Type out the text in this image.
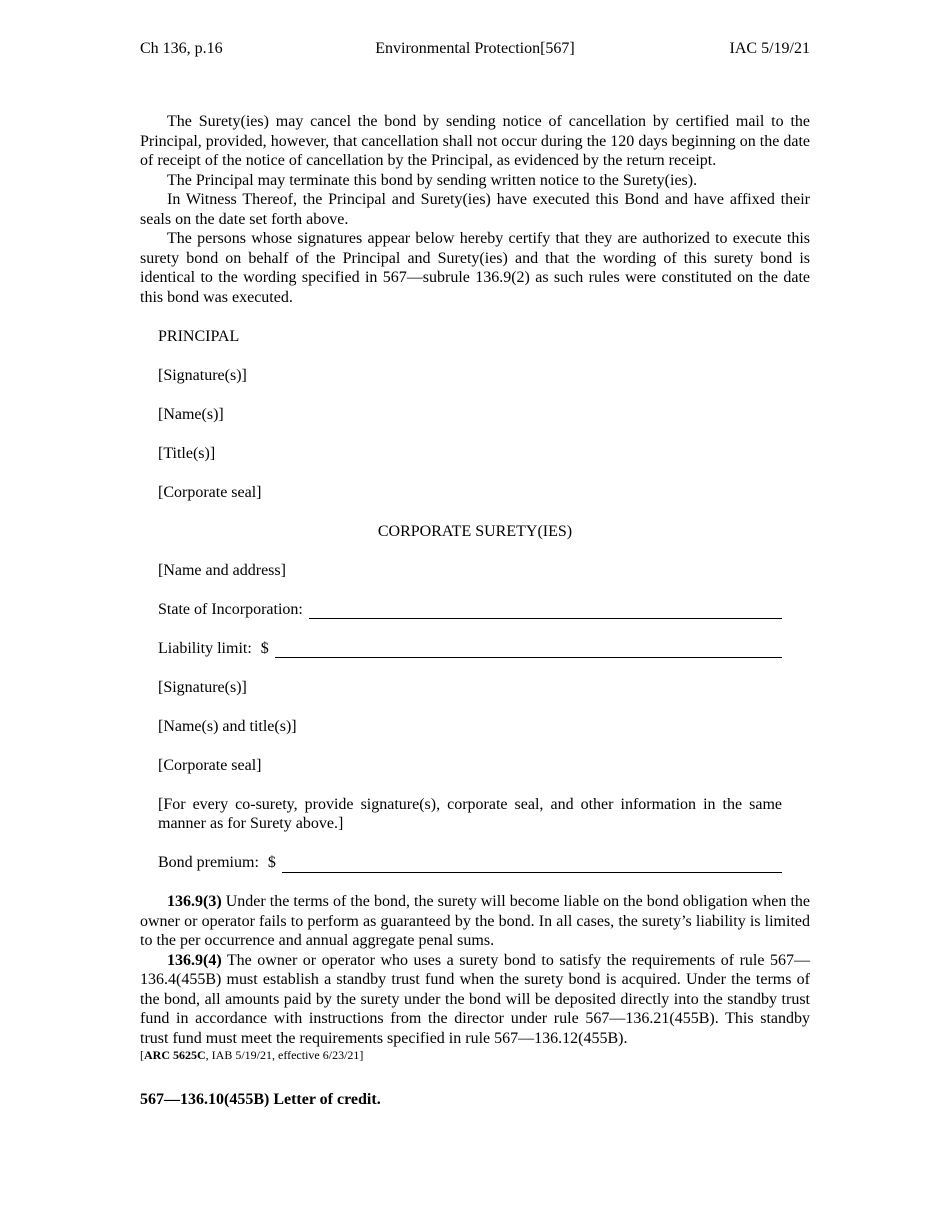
Ch 136, p.16	Environmental Protection[567]	IAC 5/19/21

The Surety(ies) may cancel the bond by sending notice of cancellation by certified mail to the Principal, provided, however, that cancellation shall not occur during the 120 days beginning on the date of receipt of the notice of cancellation by the Principal, as evidenced by the return receipt.

The Principal may terminate this bond by sending written notice to the Surety(ies).

In Witness Thereof, the Principal and Surety(ies) have executed this Bond and have affixed their seals on the date set forth above.

The persons whose signatures appear below hereby certify that they are authorized to execute this surety bond on behalf of the Principal and Surety(ies) and that the wording of this surety bond is identical to the wording specified in 567—subrule 136.9(2) as such rules were constituted on the date this bond was executed.

PRINCIPAL

[Signature(s)]

[Name(s)]

[Title(s)]

[Corporate seal]

CORPORATE SURETY(IES)

[Name and address]

State of Incorporation:
Liability limit: $

[Signature(s)]

[Name(s) and title(s)]

[Corporate seal]

[For every co-surety, provide signature(s), corporate seal, and other information in the same manner as for Surety above.]

Bond premium: $

136.9(3) Under the terms of the bond, the surety will become liable on the bond obligation when the owner or operator fails to perform as guaranteed by the bond. In all cases, the surety’s liability is limited to the per occurrence and annual aggregate penal sums.

136.9(4) The owner or operator who uses a surety bond to satisfy the requirements of rule 567—136.4(455B) must establish a standby trust fund when the surety bond is acquired. Under the terms of the bond, all amounts paid by the surety under the bond will be deposited directly into the standby trust fund in accordance with instructions from the director under rule 567—136.21(455B). This standby trust fund must meet the requirements specified in rule 567—136.12(455B).

[ARC 5625C, IAB 5/19/21, effective 6/23/21]

567—136.10(455B) Letter of credit.
